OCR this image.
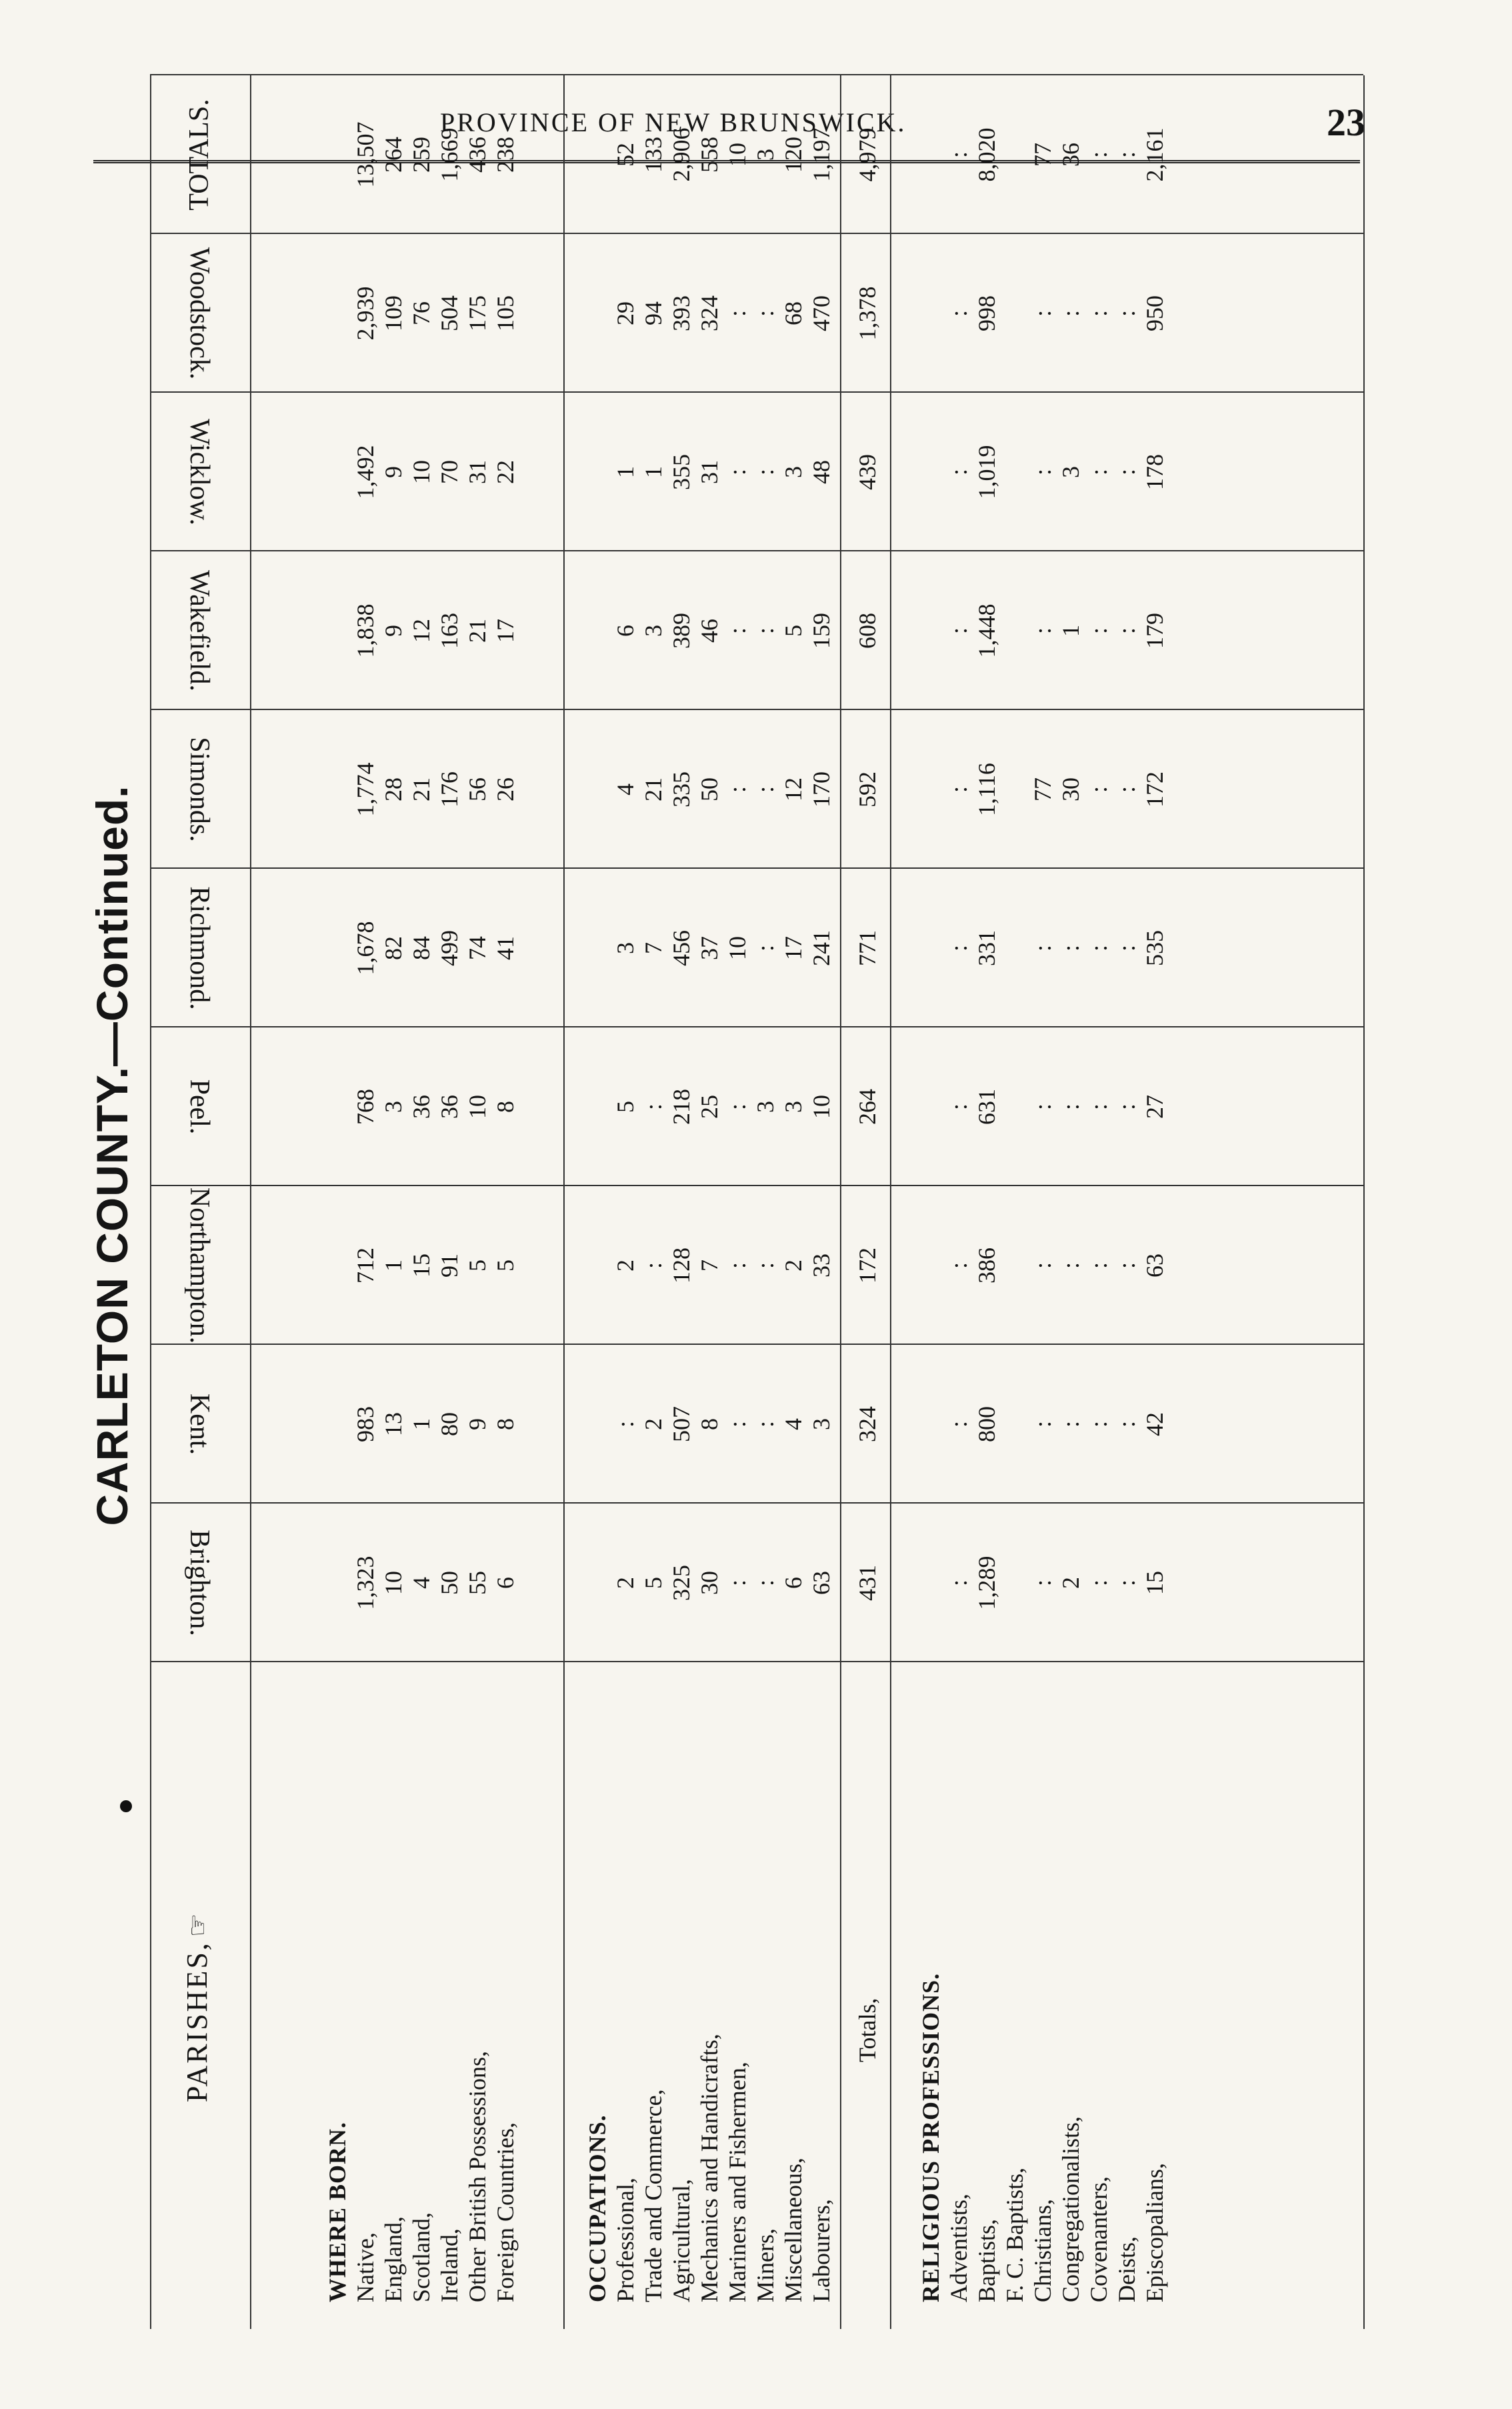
PROVINCE OF NEW BRUNSWICK.	23
CARLETON COUNTY.—Continued.
PARISHES,☞
Brighton.
Kent.
Northampton.
Peel.
Richmond.
Simonds.
Wakefield.
Wicklow.
Woodstock.
TOTALS.
WHERE BORN. Native, England, Scotland, Ireland, Other British Possessions, Foreign Countries,
1,323 10 4 50 55 6
983 13 1 80 9 8
712 1 15 91 5 5
768 3 36 36 10 8
1,678 82 84 499 74 41
1,774 28 21 176 56 26
1,838 9 12 163 21 17
1,492 9 10 70 31 22
2,939 109 76 504 175 105
13,507 264 259 1,669 436 238
OCCUPATIONS. Professional, Trade and Commerce, Agricultural, Mechanics and Handicrafts, Mariners and Fishermen, Miners, Miscellaneous, Labourers,
2 5 325 30 : : 6 63
: 2 507 8 : : 4 3
2 : 128 7 : : 2 33
5 : 218 25 : 3 3 10
3 7 456 37 10 : 17 241
4 21 335 50 : : 12 170
6 3 389 46 : : 5 159
1 1 355 31 : : 3 48
29 94 393 324 : : 68 470
52 133 2,906 558 10 3 120 1,197
RELIGIOUS PROFESSIONS. Adventists, Baptists, F. C. Baptists, Christians, Congregationalists, Covenanters, Deists, Episcopalians,
: 1,289 : 2 : : 15
: 800 : : : : 42
: 386 : : : : 63
: 631 : : : : 27
: 331 : : : : 535
: 1,116 77 30 : : 172
: 1,448 : 1 : : 179
: 1,019 : 3 : : 178
: 998 : : : : 950
: 8,020 77 36 : : 2,161
Totals,
431
324
172
264
771
592
608
439
1,378
4,979
